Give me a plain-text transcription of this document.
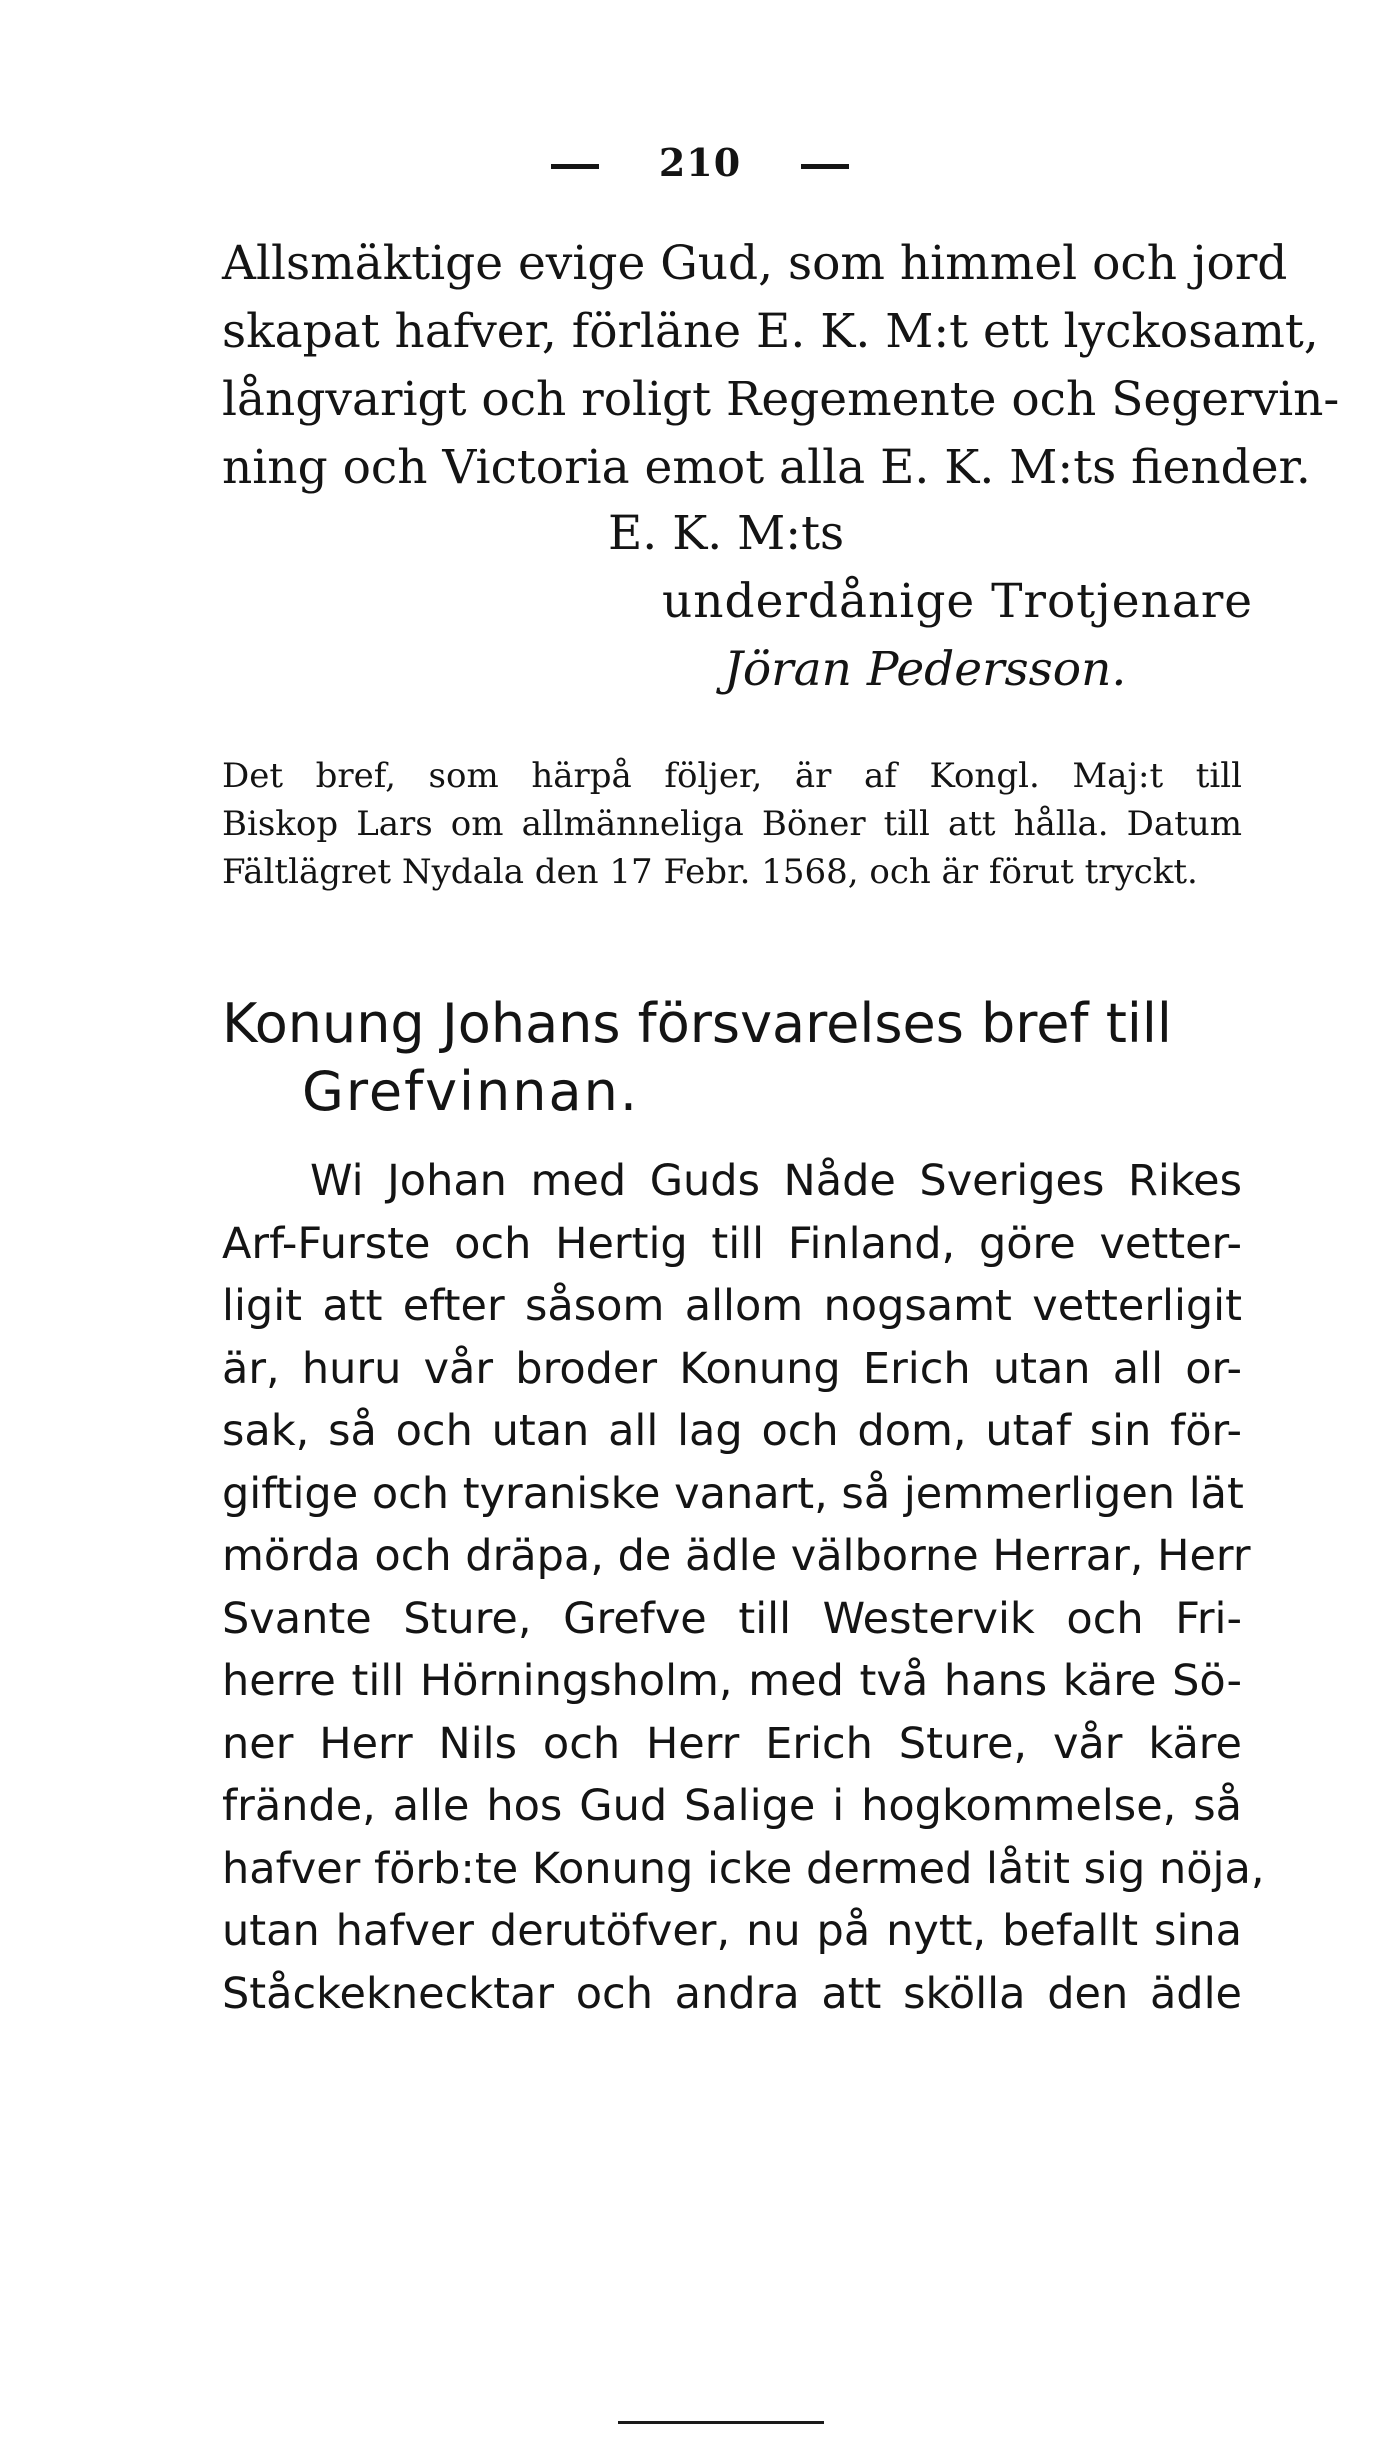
210
Allsmäktige evige Gud, som himmel och jord
skapat hafver, förläne E. K. M:t ett lyckosamt,
långvarigt och roligt Regemente och Segervin-
ning och Victoria emot alla E. K. M:ts fiender.
E. K. M:ts
underdånige Trotjenare
Jöran Pedersson.
Det bref, som härpå följer, är af Kongl. Maj:t till
Biskop Lars om allmänneliga Böner till att hålla. Datum
Fältlägret Nydala den 17 Febr. 1568, och är förut tryckt.
Konung Johans försvarelses bref till
Grefvinnan.
Wi Johan med Guds Nåde Sveriges Rikes
Arf-Furste och Hertig till Finland, göre vetter-
ligit att efter såsom allom nogsamt vetterligit
är, huru vår broder Konung Erich utan all or-
sak, så och utan all lag och dom, utaf sin för-
giftige och tyraniske vanart, så jemmerligen lät
mörda och dräpa, de ädle välborne Herrar, Herr
Svante Sture, Grefve till Westervik och Fri-
herre till Hörningsholm, med två hans käre Sö-
ner Herr Nils och Herr Erich Sture, vår käre
frände, alle hos Gud Salige i hogkommelse, så
hafver förb:te Konung icke dermed låtit sig nöja,
utan hafver derutöfver, nu på nytt, befallt sina
Ståckeknecktar och andra att skölla den ädle
